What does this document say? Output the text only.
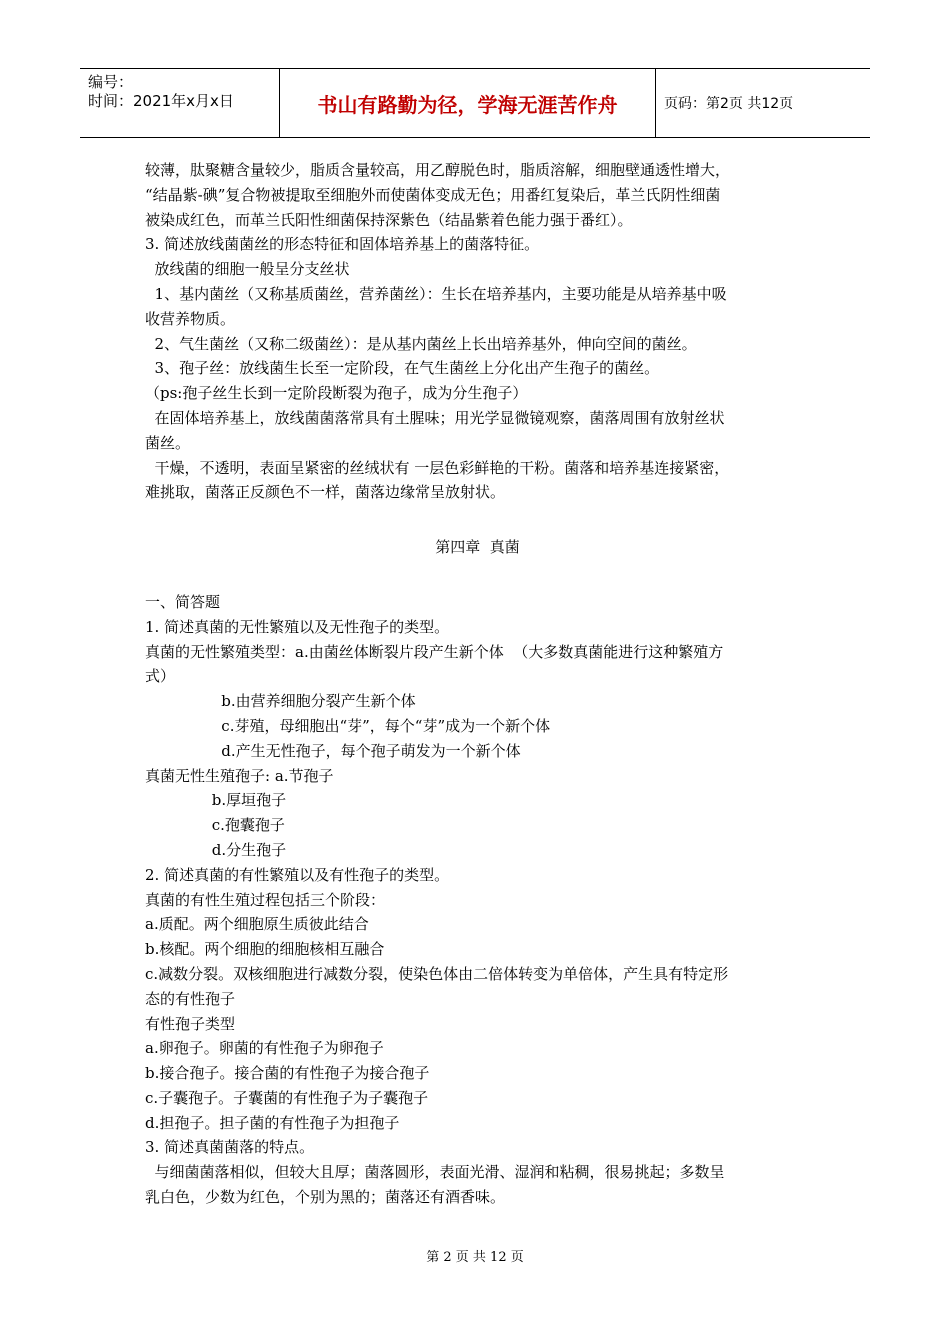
编号：
时间：2021年x月x日	书山有路勤为径，学海无涯苦作舟	页码：第2页 共12页

较薄，肽聚糖含量较少，脂质含量较高，用乙醇脱色时，脂质溶解，细胞壁通透性增大，

“结晶紫-碘”复合物被提取至细胞外而使菌体变成无色；用番红复染后，革兰氏阴性细菌

被染成红色，而革兰氏阳性细菌保持深紫色（结晶紫着色能力强于番红）。

3. 简述放线菌菌丝的形态特征和固体培养基上的菌落特征。

放线菌的细胞一般呈分支丝状

1、基内菌丝（又称基质菌丝，营养菌丝）：生长在培养基内，主要功能是从培养基中吸

收营养物质。

2、气生菌丝（又称二级菌丝）：是从基内菌丝上长出培养基外，伸向空间的菌丝。

3、孢子丝：放线菌生长至一定阶段，在气生菌丝上分化出产生孢子的菌丝。

（ps:孢子丝生长到一定阶段断裂为孢子，成为分生孢子）

在固体培养基上，放线菌菌落常具有土腥味；用光学显微镜观察，菌落周围有放射丝状

菌丝。

干燥，不透明，表面呈紧密的丝绒状有 一层色彩鲜艳的干粉。菌落和培养基连接紧密，

难挑取，菌落正反颜色不一样，菌落边缘常呈放射状。

第四章  真菌

一、简答题

1. 简述真菌的无性繁殖以及无性孢子的类型。

真菌的无性繁殖类型：a.由菌丝体断裂片段产生新个体  （大多数真菌能进行这种繁殖方

式）

b.由营养细胞分裂产生新个体

c.芽殖，母细胞出“芽”，每个“芽”成为一个新个体

d.产生无性孢子，每个孢子萌发为一个新个体

真菌无性生殖孢子: a.节孢子

b.厚垣孢子

c.孢囊孢子

d.分生孢子

2. 简述真菌的有性繁殖以及有性孢子的类型。

真菌的有性生殖过程包括三个阶段：

a.质配。两个细胞原生质彼此结合

b.核配。两个细胞的细胞核相互融合

c.减数分裂。双核细胞进行减数分裂，使染色体由二倍体转变为单倍体，产生具有特定形

态的有性孢子

有性孢子类型

a.卵孢子。卵菌的有性孢子为卵孢子

b.接合孢子。接合菌的有性孢子为接合孢子

c.子囊孢子。子囊菌的有性孢子为子囊孢子

d.担孢子。担子菌的有性孢子为担孢子

3. 简述真菌菌落的特点。

与细菌菌落相似，但较大且厚；菌落圆形，表面光滑、湿润和粘稠，很易挑起；多数呈

乳白色，少数为红色，个别为黑的；菌落还有酒香味。

第 2 页 共 12 页
